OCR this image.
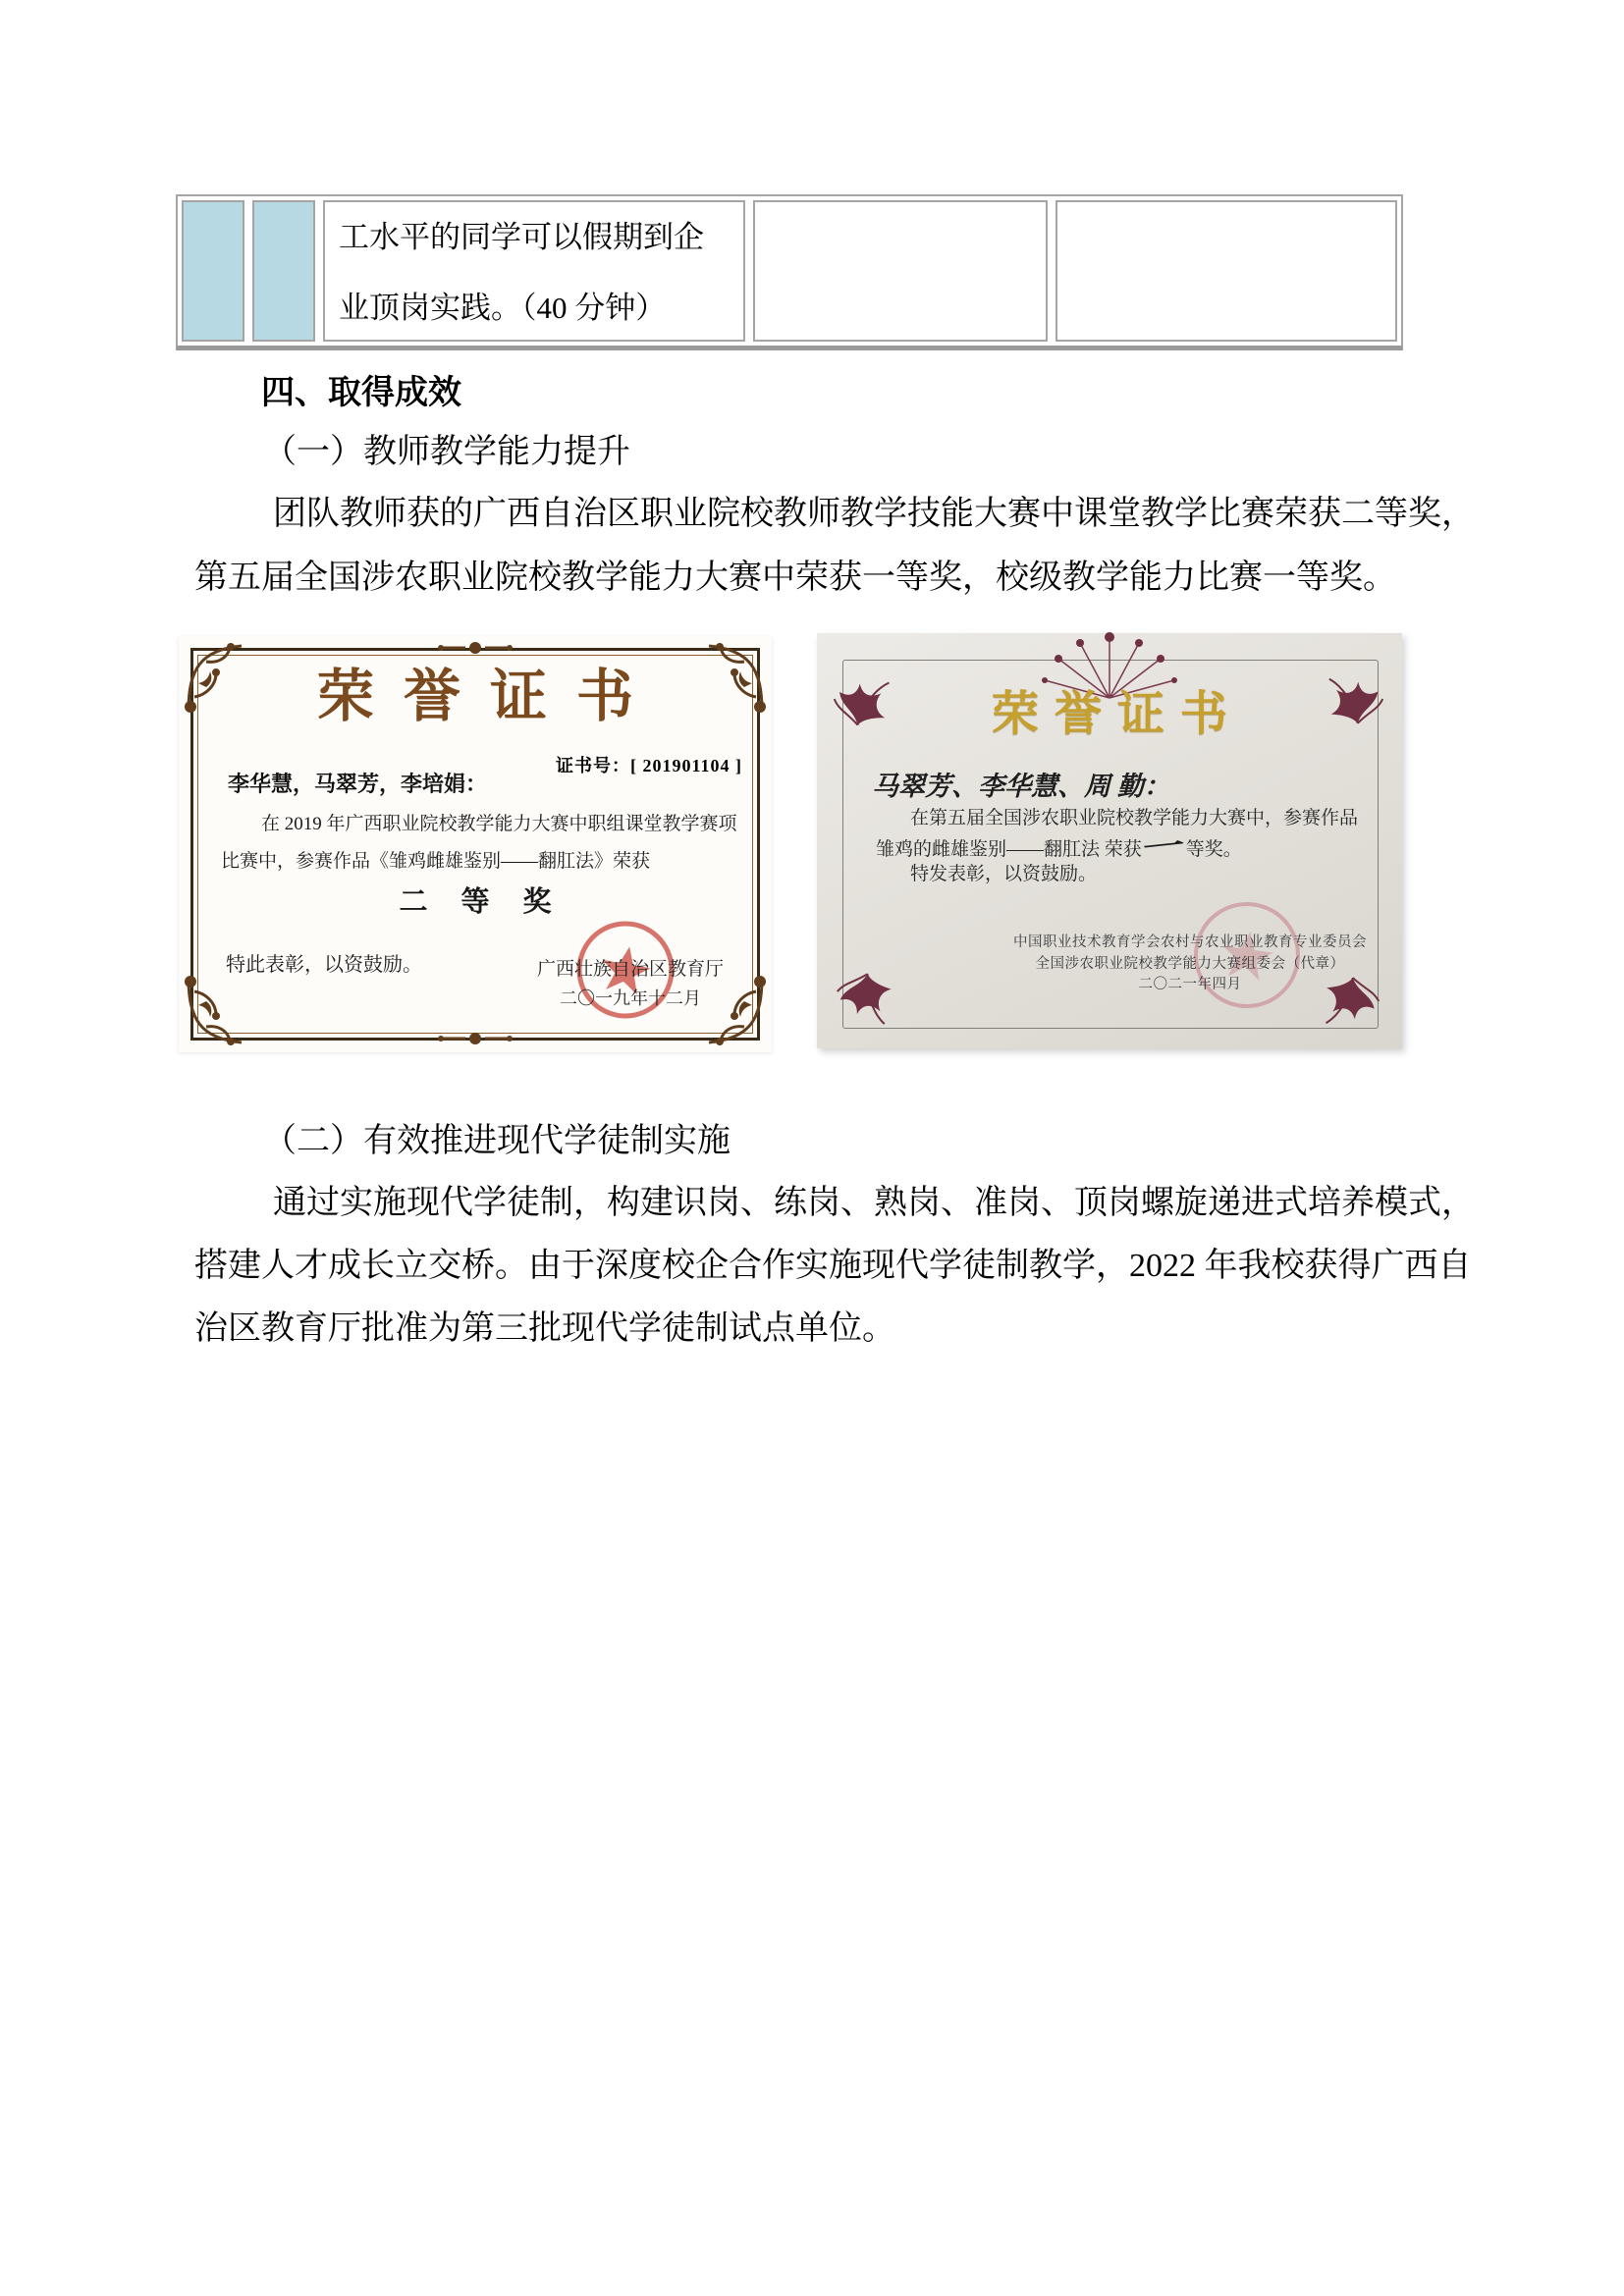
工水平的同学可以假期到企业顶岗实践。（40 分钟）
四、取得成效
（一）教师教学能力提升
团队教师获的广西自治区职业院校教师教学技能大赛中课堂教学比赛荣获二等奖，
第五届全国涉农职业院校教学能力大赛中荣获一等奖，校级教学能力比赛一等奖。
荣誉证书
证书号：[ 201901104 ]
李华慧，马翠芳，李培娟：
在 2019 年广西职业院校教学能力大赛中职组课堂教学赛项
比赛中，参赛作品《雏鸡雌雄鉴别——翻肛法》荣获
二等奖
特此表彰，以资鼓励。	广西壮族自治区教育厅
二〇一九年十二月
荣誉证书
马翠芳、李华慧、周 勤：
在第五届全国涉农职业院校教学能力大赛中，参赛作品
雏鸡的雌雄鉴别——翻肛法 荣获一等奖。
特发表彰，以资鼓励。
中国职业技术教育学会农村与农业职业教育专业委员会
全国涉农职业院校教学能力大赛组委会（代章）
二〇二一年四月
（二）有效推进现代学徒制实施
通过实施现代学徒制，构建识岗、练岗、熟岗、准岗、顶岗螺旋递进式培养模式，
搭建人才成长立交桥。由于深度校企合作实施现代学徒制教学，2022 年我校获得广西自
治区教育厅批准为第三批现代学徒制试点单位。
